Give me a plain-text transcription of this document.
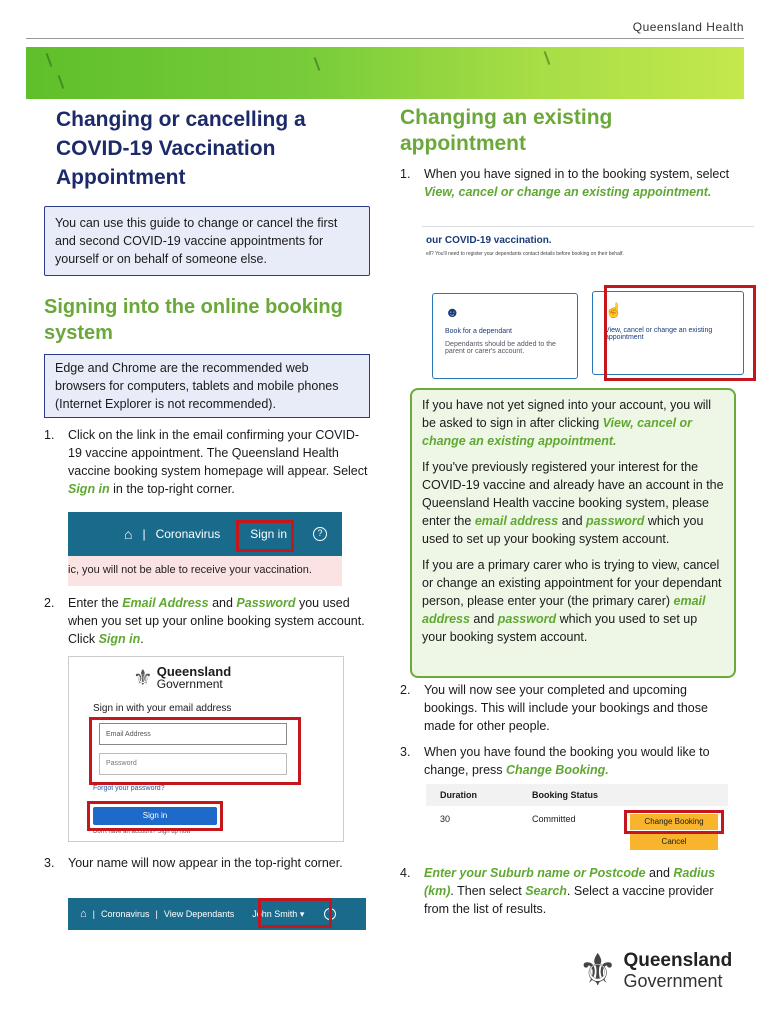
Queensland Health
Changing or cancelling a COVID-19 Vaccination Appointment
You can use this guide to change or cancel the first and second COVID-19 vaccine appointments for yourself or on behalf of someone else.
Signing into the online booking system
Edge and Chrome are the recommended web browsers for computers, tablets and mobile phones (Internet Explorer is not recommended).
1.	Click on the link in the email confirming your COVID-19 vaccine appointment. The Queensland Health vaccine booking system homepage will appear. Select Sign in in the top-right corner.
⌂ | Coronavirus	Sign in	?
ic, you will not be able to receive your vaccination.
2.	Enter the Email Address and Password you used when you set up your online booking system account. Click Sign in.
⚜ Queensland
Government
Sign in with your email address
Email Address
Password
Forgot your password?
Sign in
Don't have an account? Sign up now
3.	Your name will now appear in the top-right corner.
⌂ | Coronavirus | View Dependants John Smith ▾	?
Changing an existing appointment
1.	When you have signed in to the booking system, select View, cancel or change an existing appointment.
our COVID-19 vaccination.
ell? You'll need to register your dependants contact details before booking on their behalf.
☻
Book for a dependant
Dependants should be added to the parent or carer's account.
☝
View, cancel or change an existing appointment

If you have not yet signed into your account, you will be asked to sign in after clicking View, cancel or change an existing appointment.

If you've previously registered your interest for the COVID-19 vaccine and already have an account in the Queensland Health vaccine booking system, please enter the email address and password which you used to set up your booking system account.

If you are a primary carer who is trying to view, cancel or change an existing appointment for your dependant person, please enter your (the primary carer) email address and password which you used to set up your booking system account.

2.	You will now see your completed and upcoming bookings. This will include your bookings and those made for other people.
3.	When you have found the booking you would like to change, press Change Booking.
Duration	Booking Status
30	Committed	Change Booking
Cancel
4.	Enter your Suburb name or Postcode and Radius (km). Then select Search. Select a vaccine provider from the list of results.
⚜ Queensland
Government
